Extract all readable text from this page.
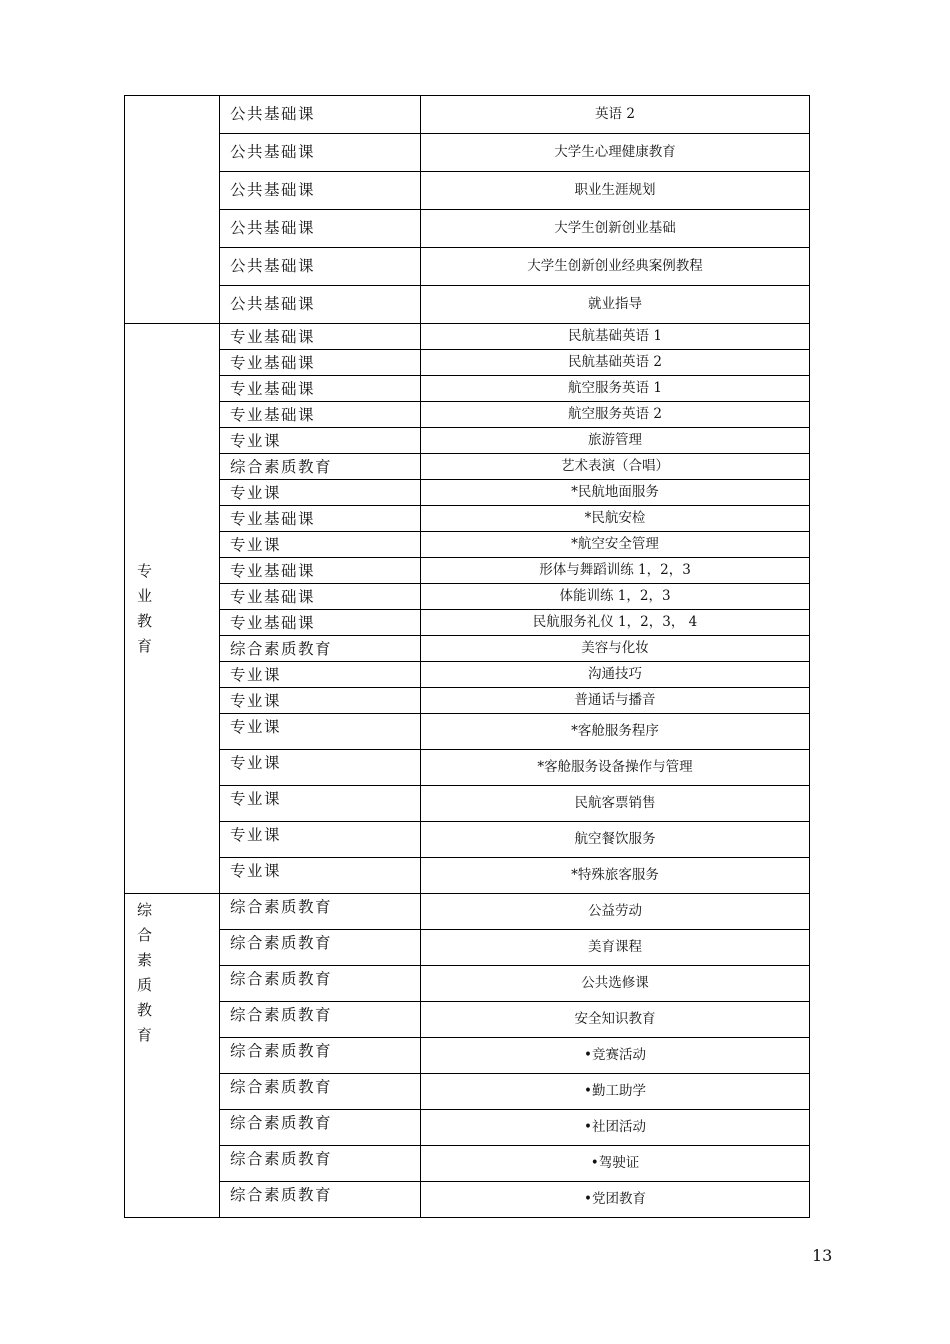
	公共基础课	英语 2
	公共基础课	大学生心理健康教育
	公共基础课	职业生涯规划
	公共基础课	大学生创新创业基础
	公共基础课	大学生创新创业经典案例教程
	公共基础课	就业指导

专业教育	专业基础课	民航基础英语 1
	专业基础课	民航基础英语 2
	专业基础课	航空服务英语 1
	专业基础课	航空服务英语 2
	专业课	旅游管理
	综合素质教育	艺术表演（合唱）
	专业课	*民航地面服务
	专业基础课	*民航安检
	专业课	*航空安全管理
	专业基础课	形体与舞蹈训练 1，2，3
	专业基础课	体能训练 1，2，3
	专业基础课	民航服务礼仪 1，2，3， 4
	综合素质教育	美容与化妆
	专业课	沟通技巧
	专业课	普通话与播音
	专业课	*客舱服务程序
	专业课	*客舱服务设备操作与管理
	专业课	民航客票销售
	专业课	航空餐饮服务
	专业课	*特殊旅客服务

综合素质教育	综合素质教育	公益劳动
	综合素质教育	美育课程
	综合素质教育	公共选修课
	综合素质教育	安全知识教育
	综合素质教育	•竞赛活动
	综合素质教育	•勤工助学
	综合素质教育	•社团活动
	综合素质教育	•驾驶证
	综合素质教育	•党团教育
13
